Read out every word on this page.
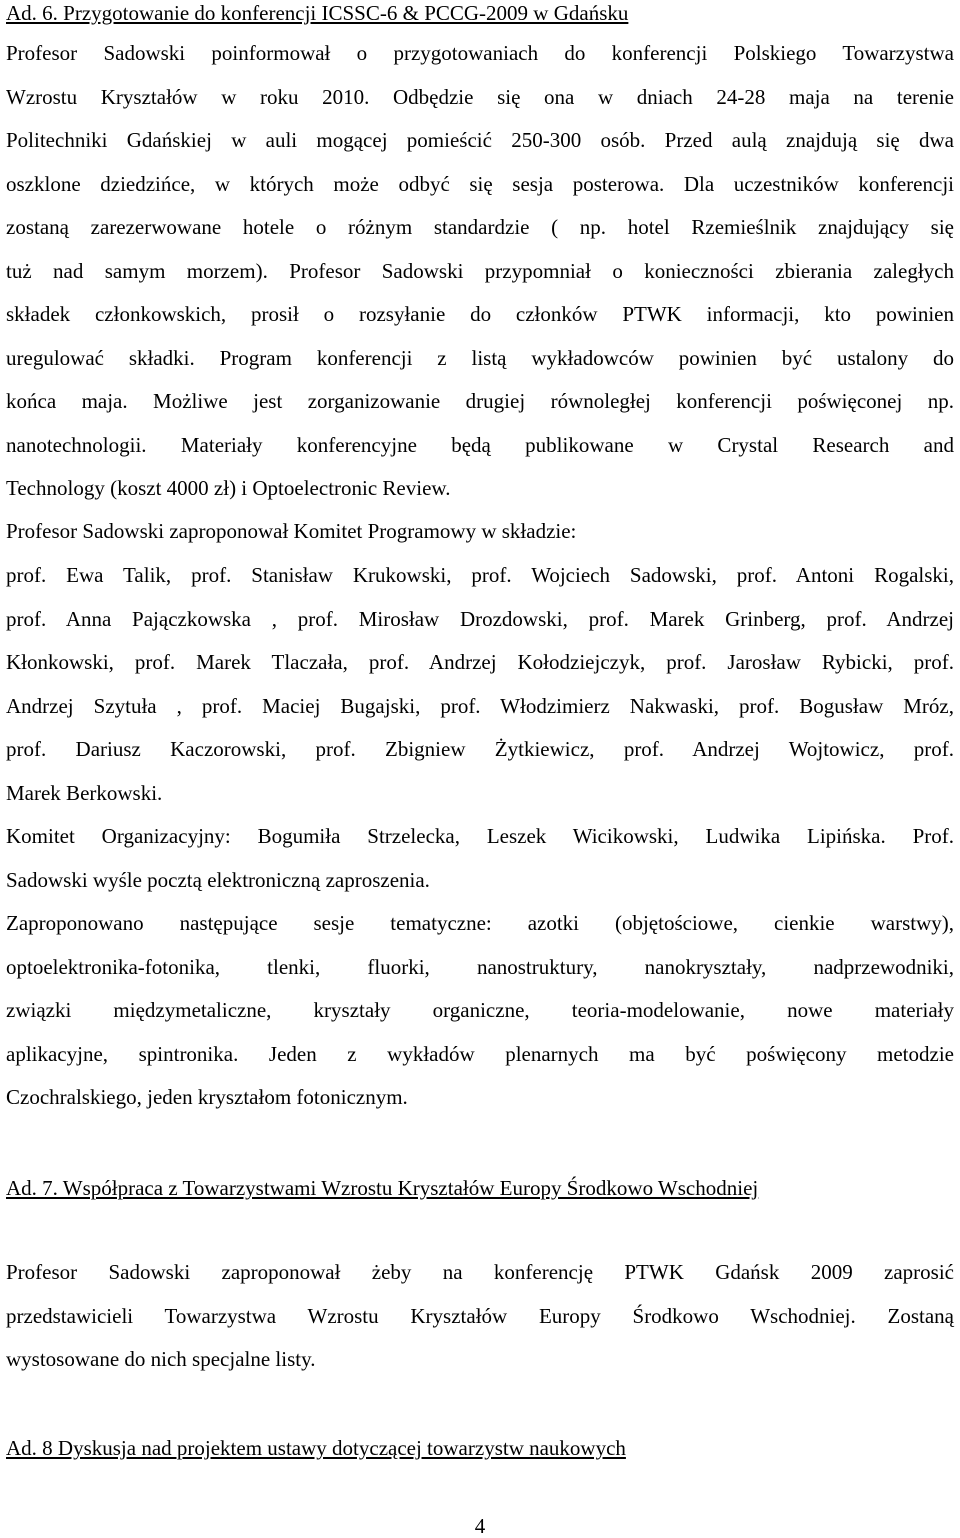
Ad. 6. Przygotowanie do konferencji ICSSC-6 & PCCG-2009 w Gdańsku
Profesor Sadowski poinformował o przygotowaniach do konferencji Polskiego Towarzystwa
Wzrostu Kryształów w roku 2010. Odbędzie się ona w dniach 24-28 maja na terenie
Politechniki Gdańskiej w auli mogącej pomieścić 250-300 osób. Przed aulą znajdują się dwa
oszklone dziedzińce, w których może odbyć się sesja posterowa. Dla uczestników konferencji
zostaną zarezerwowane hotele o różnym standardzie ( np. hotel Rzemieślnik znajdujący się
tuż nad samym morzem). Profesor Sadowski przypomniał o konieczności zbierania zaległych
składek członkowskich, prosił o rozsyłanie do członków PTWK informacji, kto powinien
uregulować składki. Program konferencji z listą wykładowców powinien być ustalony do
końca maja. Możliwe jest zorganizowanie drugiej równoległej konferencji poświęconej np.
nanotechnologii. Materiały konferencyjne będą publikowane w Crystal Research and
Technology (koszt 4000 zł) i Optoelectronic Review.
Profesor Sadowski zaproponował Komitet Programowy w składzie:
prof. Ewa Talik, prof. Stanisław Krukowski, prof. Wojciech Sadowski, prof. Antoni Rogalski,
prof. Anna Pajączkowska , prof. Mirosław Drozdowski, prof. Marek Grinberg, prof. Andrzej
Kłonkowski, prof. Marek Tlaczała, prof. Andrzej Kołodziejczyk, prof. Jarosław Rybicki, prof.
Andrzej Szytuła , prof. Maciej Bugajski, prof. Włodzimierz Nakwaski, prof. Bogusław Mróz,
prof. Dariusz Kaczorowski, prof. Zbigniew Żytkiewicz, prof. Andrzej Wojtowicz, prof.
Marek Berkowski.
Komitet Organizacyjny: Bogumiła Strzelecka, Leszek Wicikowski, Ludwika Lipińska. Prof.
Sadowski wyśle pocztą elektroniczną zaproszenia.
Zaproponowano następujące sesje tematyczne: azotki (objętościowe, cienkie warstwy),
optoelektronika-fotonika, tlenki, fluorki, nanostruktury, nanokryształy, nadprzewodniki,
związki międzymetaliczne, kryształy organiczne, teoria-modelowanie, nowe materiały
aplikacyjne, spintronika. Jeden z wykładów plenarnych ma być poświęcony metodzie
Czochralskiego, jeden kryształom fotonicznym.
Ad. 7. Współpraca z Towarzystwami Wzrostu Kryształów Europy Środkowo Wschodniej
Profesor Sadowski zaproponował żeby na konferencję PTWK Gdańsk 2009 zaprosić
przedstawicieli Towarzystwa Wzrostu Kryształów Europy Środkowo Wschodniej. Zostaną
wystosowane do nich specjalne listy.
Ad. 8 Dyskusja nad projektem ustawy dotyczącej towarzystw naukowych
4
